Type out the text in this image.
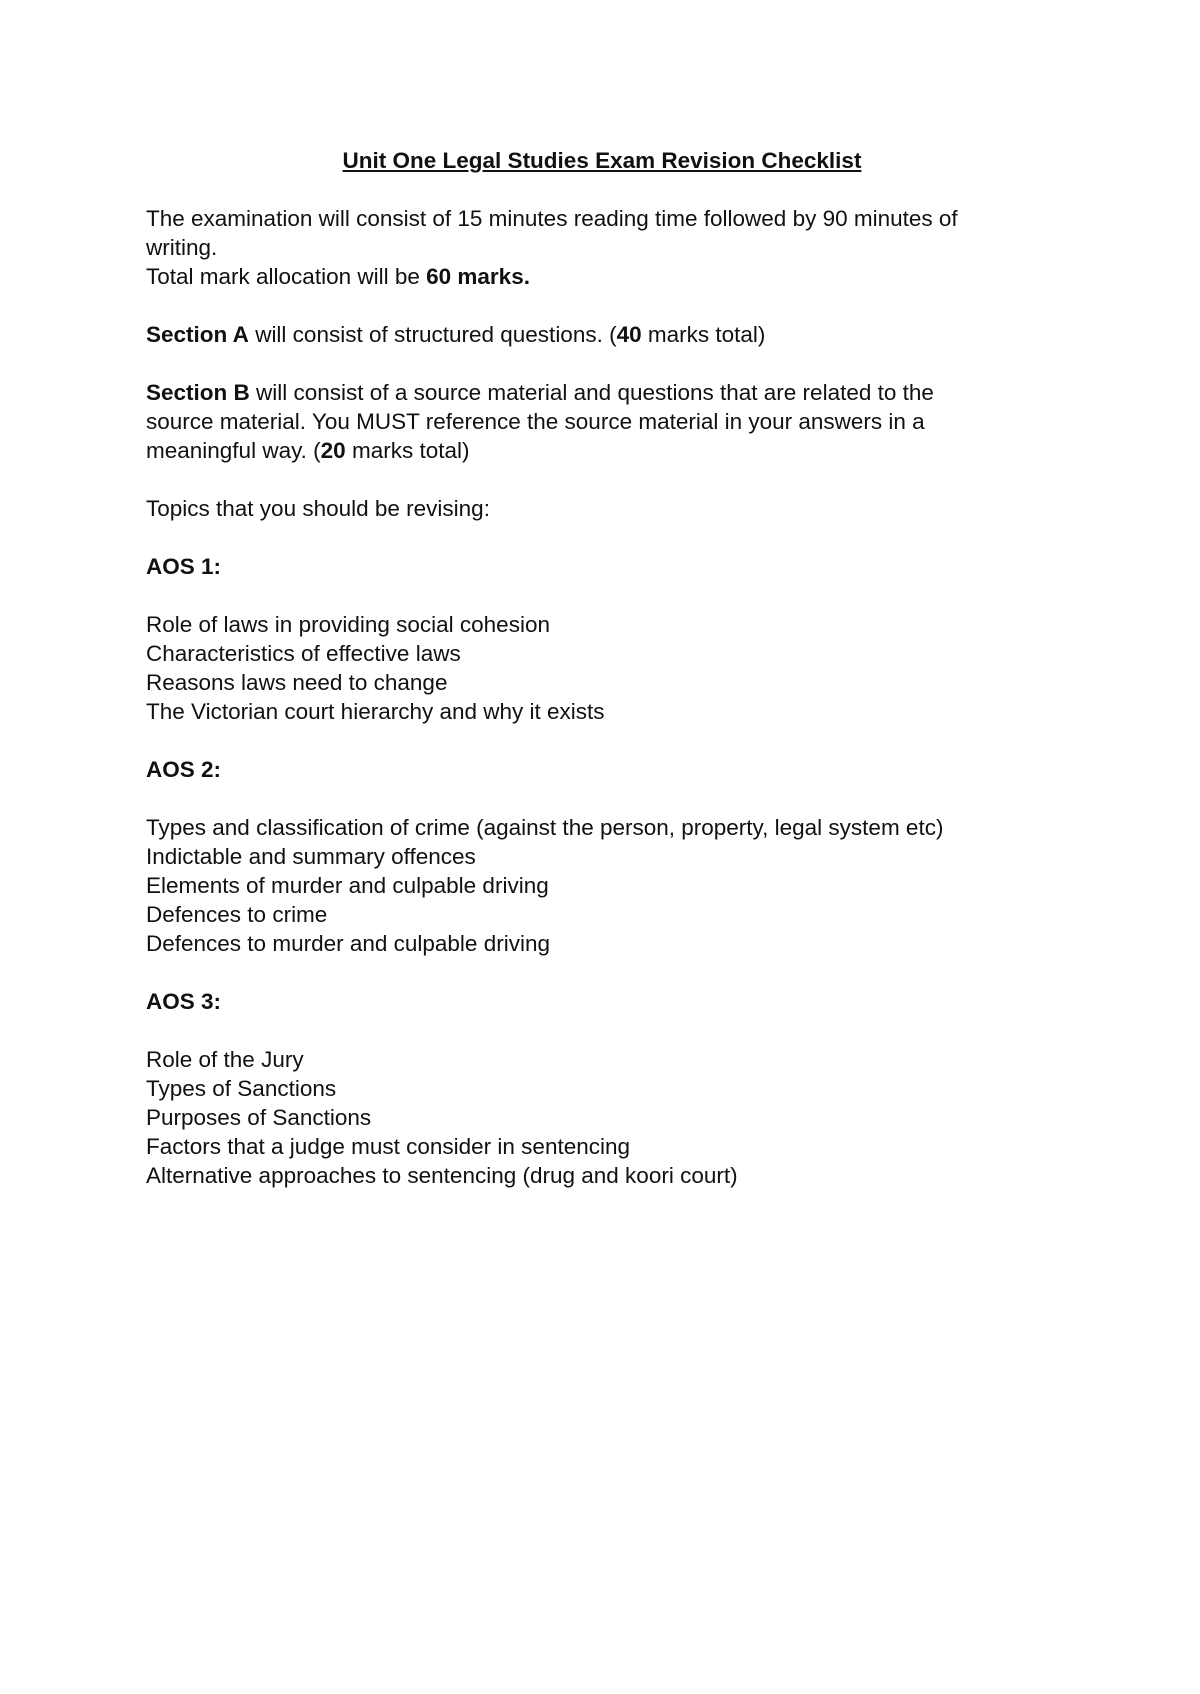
Unit One Legal Studies Exam Revision Checklist

The examination will consist of 15 minutes reading time followed by 90 minutes of

writing.

Total mark allocation will be 60 marks.

Section A will consist of structured questions. (40 marks total)

Section B will consist of a source material and questions that are related to the

source material. You MUST reference the source material in your answers in a

meaningful way. (20 marks total)

Topics that you should be revising:

AOS 1:

Role of laws in providing social cohesion
Characteristics of effective laws
Reasons laws need to change
The Victorian court hierarchy and why it exists

AOS 2:

Types and classification of crime (against the person, property, legal system etc)
Indictable and summary offences
Elements of murder and culpable driving
Defences to crime
Defences to murder and culpable driving

AOS 3:

Role of the Jury
Types of Sanctions
Purposes of Sanctions
Factors that a judge must consider in sentencing
Alternative approaches to sentencing (drug and koori court)
